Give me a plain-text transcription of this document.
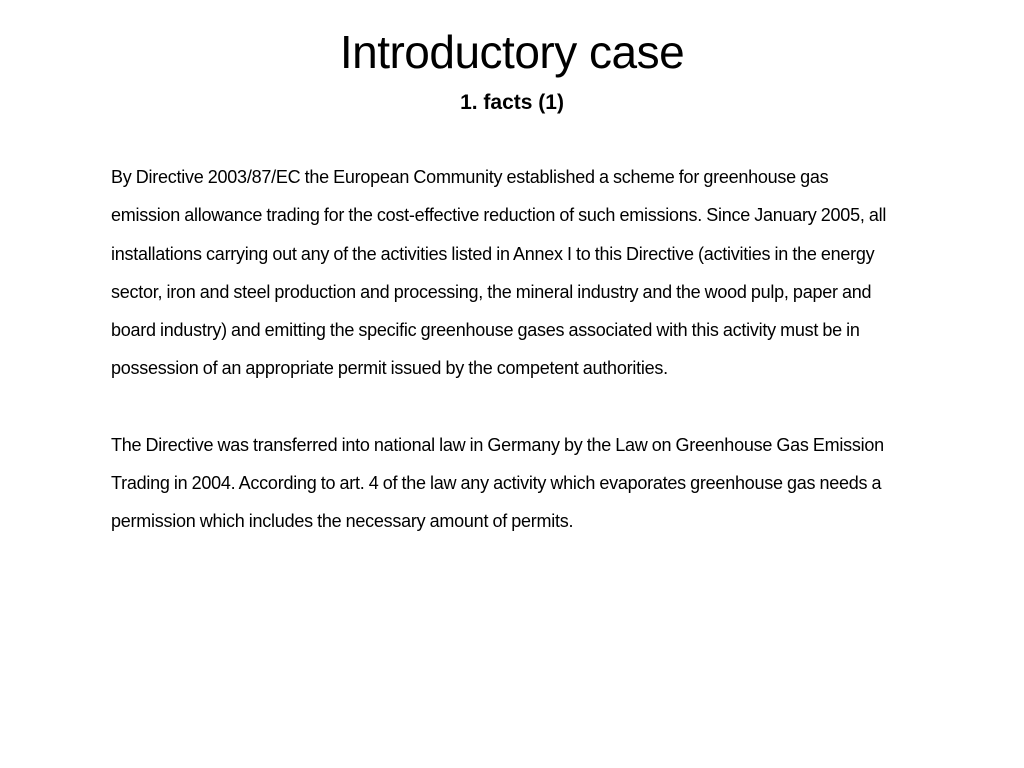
Introductory case
1. facts (1)

By Directive 2003/87/EC the European Community established a scheme for greenhouse gas emission allowance trading for the cost-effective reduction of such emissions. Since January 2005, all installations carrying out any of the activities listed in Annex I to this Directive (activities in the energy sector, iron and steel production and processing, the mineral industry and the wood pulp, paper and board industry) and emitting the specific greenhouse gases associated with this activity must be in possession of an appropriate permit issued by the competent authorities.

The Directive was transferred into national law in Germany by the Law on Greenhouse Gas Emission Trading in 2004. According to art. 4 of the law any activity which evaporates greenhouse gas needs a permission which includes the necessary amount of permits.
